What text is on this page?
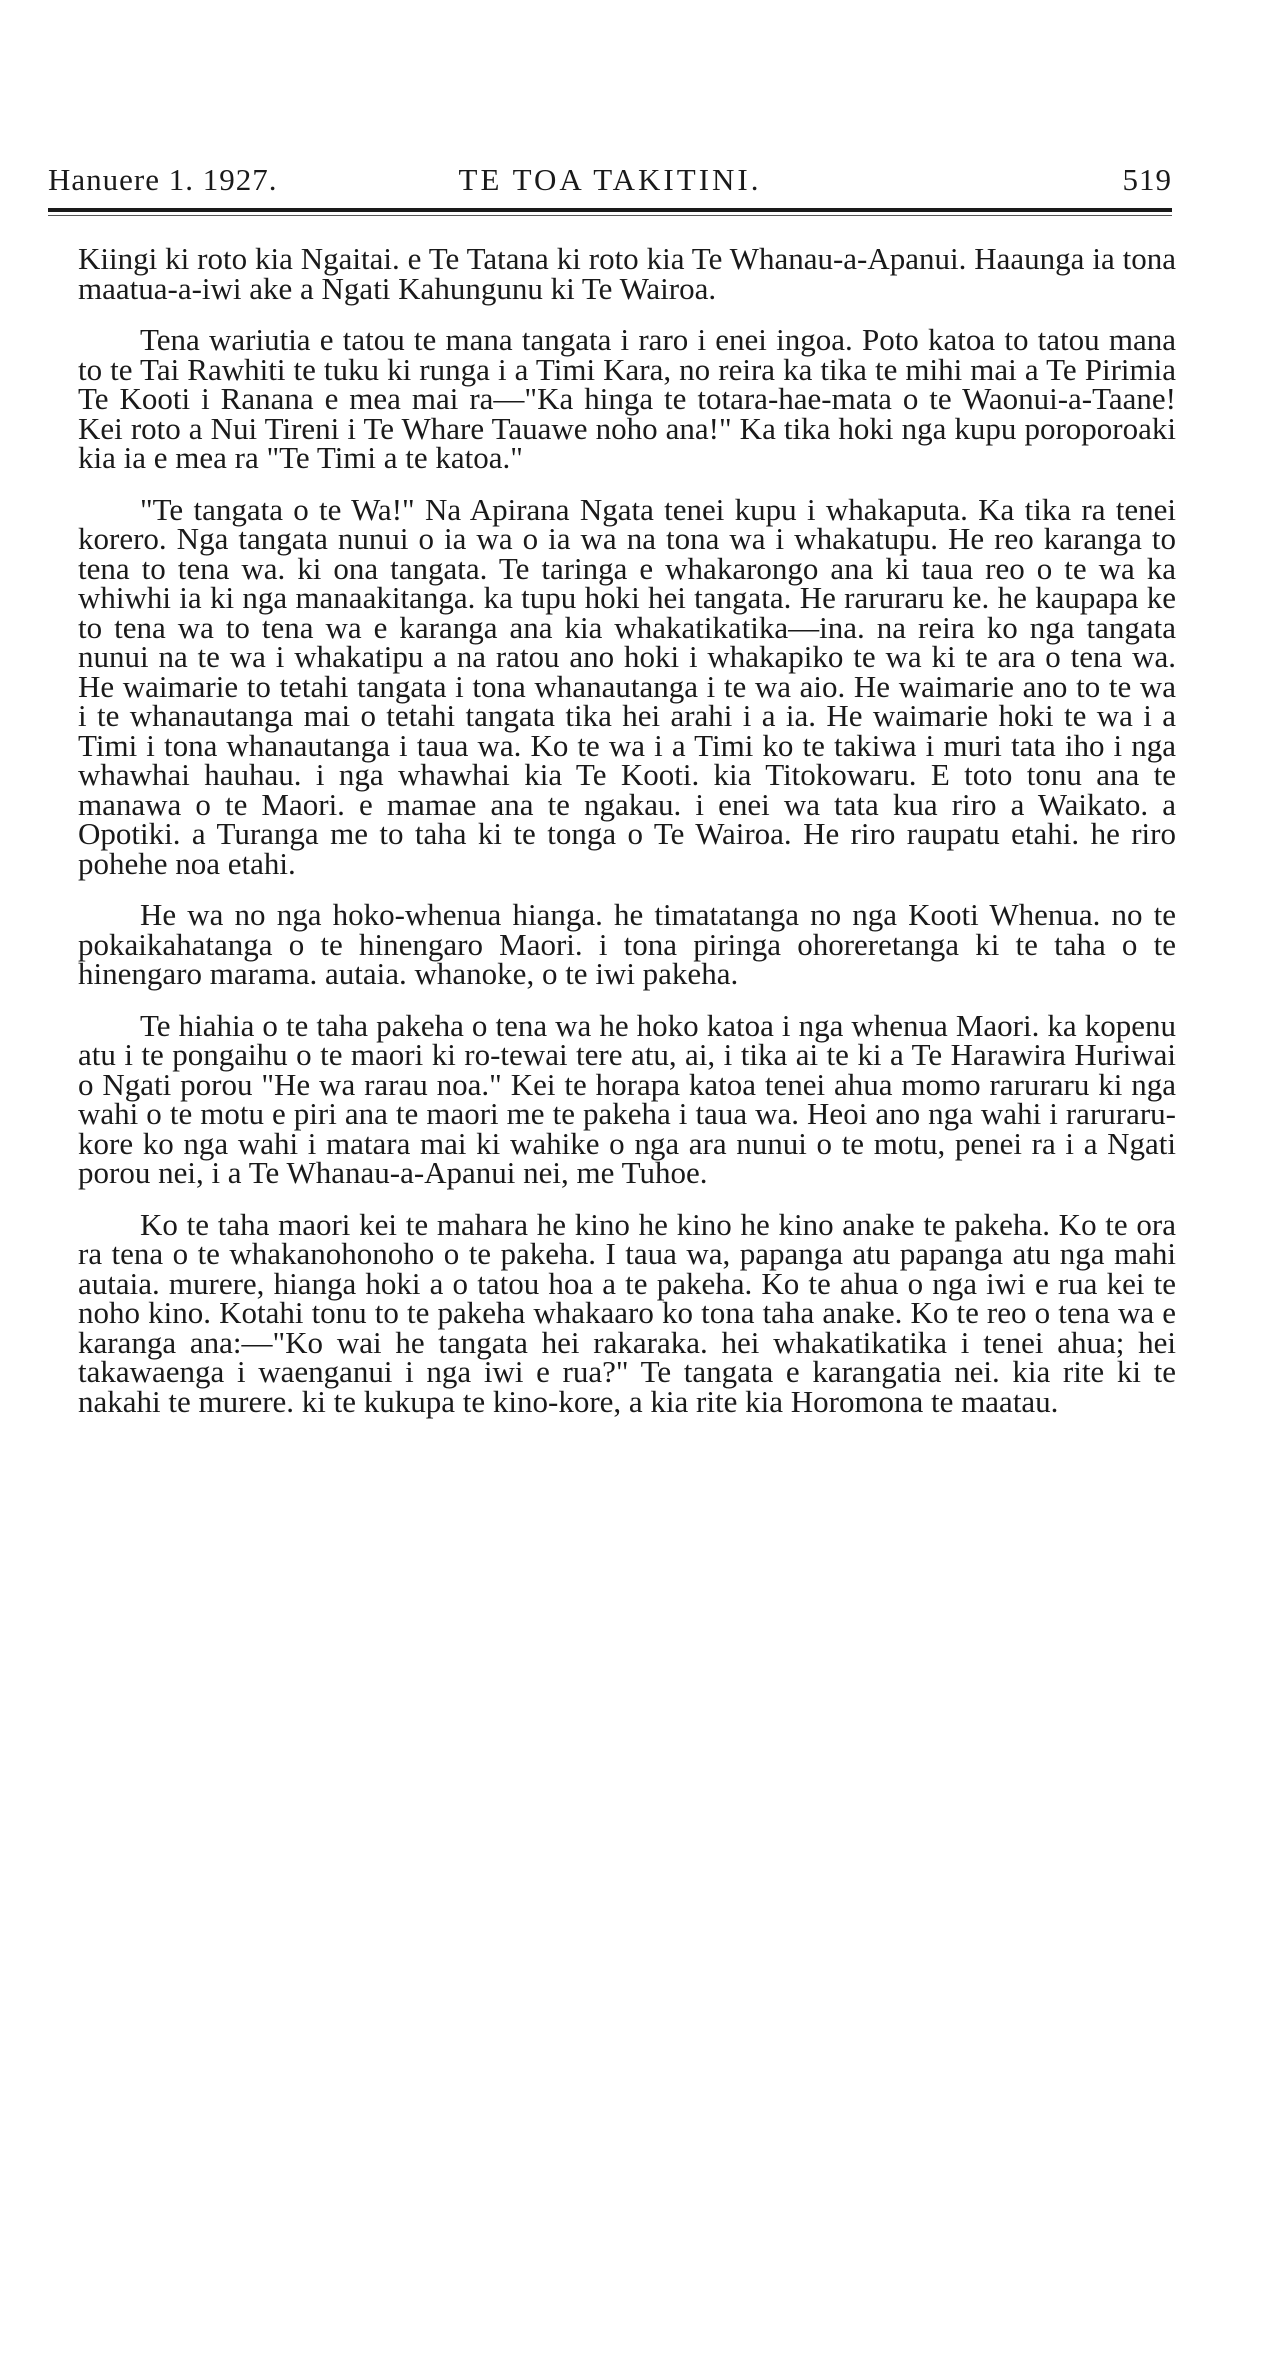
Hanuere 1. 1927.	TE TOA TAKITINI.	519

Kiingi ki roto kia Ngaitai. e Te Tatana ki roto kia Te Whanau-a-Apanui. Haaunga ia tona maatua-a-iwi ake a Ngati Kahungunu ki Te Wairoa.

Tena wariutia e tatou te mana tangata i raro i enei ingoa. Poto katoa to tatou mana to te Tai Rawhiti te tuku ki runga i a Timi Kara, no reira ka tika te mihi mai a Te Pirimia Te Kooti i Ranana e mea mai ra—"Ka hinga te totara-hae-mata o te Waonui-a-Taane! Kei roto a Nui Tireni i Te Whare Tauawe noho ana!" Ka tika hoki nga kupu poroporoaki kia ia e mea ra "Te Timi a te katoa."

"Te tangata o te Wa!" Na Apirana Ngata tenei kupu i whakaputa. Ka tika ra tenei korero. Nga tangata nunui o ia wa o ia wa na tona wa i whakatupu. He reo karanga to tena to tena wa. ki ona tangata. Te taringa e whakarongo ana ki taua reo o te wa ka whiwhi ia ki nga manaakitanga. ka tupu hoki hei tangata. He raruraru ke. he kaupapa ke to tena wa to tena wa e karanga ana kia whakatikatika—ina. na reira ko nga tangata nunui na te wa i whakatipu a na ratou ano hoki i whakapiko te wa ki te ara o tena wa. He waimarie to tetahi tangata i tona whanautanga i te wa aio. He waimarie ano to te wa i te whanautanga mai o tetahi tangata tika hei arahi i a ia. He waimarie hoki te wa i a Timi i tona whanautanga i taua wa. Ko te wa i a Timi ko te takiwa i muri tata iho i nga whawhai hauhau. i nga whawhai kia Te Kooti. kia Titokowaru. E toto tonu ana te manawa o te Maori. e mamae ana te ngakau. i enei wa tata kua riro a Waikato. a Opotiki. a Turanga me to taha ki te tonga o Te Wairoa. He riro raupatu etahi. he riro pohehe noa etahi.

He wa no nga hoko-whenua hianga. he timatatanga no nga Kooti Whenua. no te pokaikahatanga o te hinengaro Maori. i tona piringa ohoreretanga ki te taha o te hinengaro marama. autaia. whanoke, o te iwi pakeha.

Te hiahia o te taha pakeha o tena wa he hoko katoa i nga whenua Maori. ka kopenu atu i te pongaihu o te maori ki ro-tewai tere atu, ai, i tika ai te ki a Te Harawira Huriwai o Ngati porou "He wa rarau noa." Kei te horapa katoa tenei ahua momo raruraru ki nga wahi o te motu e piri ana te maori me te pakeha i taua wa. Heoi ano nga wahi i raruraru-kore ko nga wahi i matara mai ki wahike o nga ara nunui o te motu, penei ra i a Ngati porou nei, i a Te Whanau-a-Apanui nei, me Tuhoe.

Ko te taha maori kei te mahara he kino he kino he kino anake te pakeha. Ko te ora ra tena o te whakanohonoho o te pakeha. I taua wa, papanga atu papanga atu nga mahi autaia. murere, hianga hoki a o tatou hoa a te pakeha. Ko te ahua o nga iwi e rua kei te noho kino. Kotahi tonu to te pakeha whakaaro ko tona taha anake. Ko te reo o tena wa e karanga ana:—"Ko wai he tangata hei rakaraka. hei whakatikatika i tenei ahua; hei takawaenga i waenganui i nga iwi e rua?" Te tangata e karangatia nei. kia rite ki te nakahi te murere. ki te kukupa te kino-kore, a kia rite kia Horomona te maatau.
